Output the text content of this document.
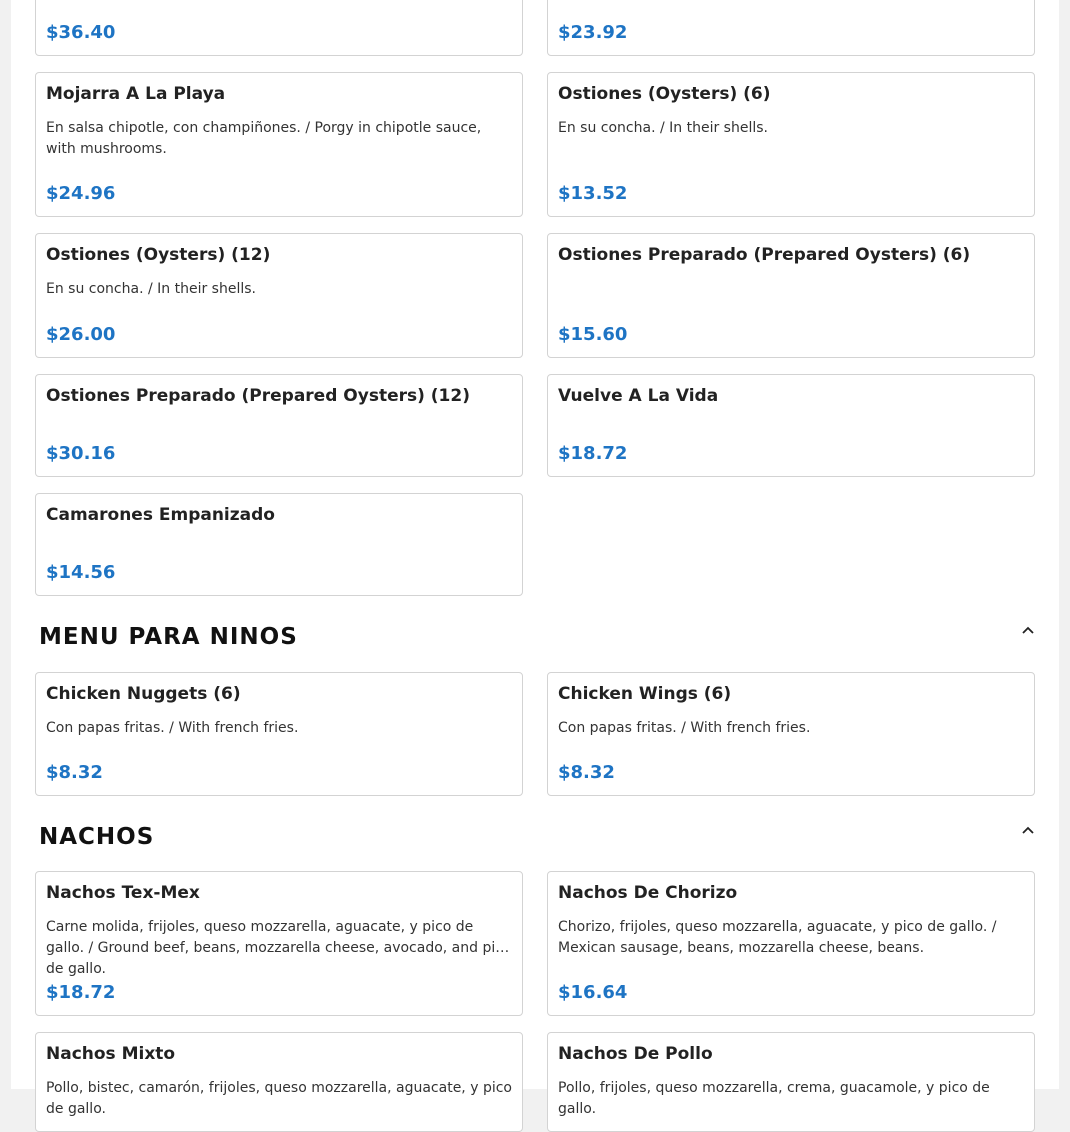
$36.40	$23.92
Mojarra A La Playa
En salsa chipotle, con champiñones. / Porgy in chipotle sauce, with mushrooms.
$24.96
Ostiones (Oysters) (6)
En su concha. / In their shells.
$13.52
Ostiones (Oysters) (12)
En su concha. / In their shells.
$26.00
Ostiones Preparado (Prepared Oysters) (6)
$15.60
Ostiones Preparado (Prepared Oysters) (12)
$30.16
Vuelve A La Vida
$18.72
Camarones Empanizado
$14.56
MENU PARA NINOS
Chicken Nuggets (6)
Con papas fritas. / With french fries.
$8.32
Chicken Wings (6)
Con papas fritas. / With french fries.
$8.32
NACHOS
Nachos Tex-Mex
Carne molida, frijoles, queso mozzarella, aguacate, y pico de gallo. / Ground beef, beans, mozzarella cheese, avocado, and pico de gallo.
$18.72
Nachos De Chorizo
Chorizo, frijoles, queso mozzarella, aguacate, y pico de gallo. / Mexican sausage, beans, mozzarella cheese, beans.
$16.64
Nachos Mixto
Pollo, bistec, camarón, frijoles, queso mozzarella, aguacate, y pico de gallo.
Nachos De Pollo
Pollo, frijoles, queso mozzarella, crema, guacamole, y pico de gallo.
